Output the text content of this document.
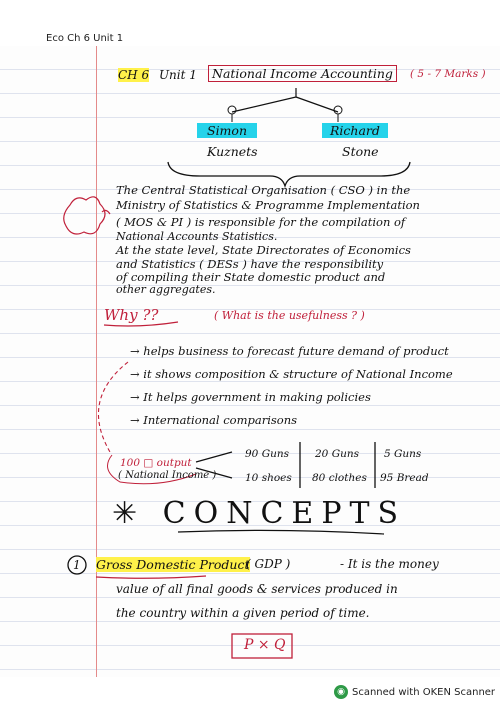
Eco Ch 6 Unit 1
CH 6 Unit 1	National Income Accounting	( 5 - 7 Marks )
Simon	Richard
Kuznets	Stone
The Central Statistical Organisation ( CSO ) in the
Ministry of Statistics & Programme Implementation
( MOS & PI ) is responsible for the compilation of
National Accounts Statistics.
At the state level, State Directorates of Economics
and Statistics ( DESs ) have the responsibility
of compiling their State domestic product and
other aggregates.
Why ??	( What is the usefulness ? )
→ helps business to forecast future demand of product
→ it shows composition & structure of National Income
→ It helps government in making policies
→ International comparisons
100 □ output
( National Income )
90 Guns 20 Guns 5 Guns
10 shoes 80 clothes 95 Bread
✳ CONCEPTS
1 Gross Domestic Product
( GDP )	- It is the money
value of all final goods & services produced in
the country within a given period of time.
P × Q
◉ Scanned with OKEN Scanner
